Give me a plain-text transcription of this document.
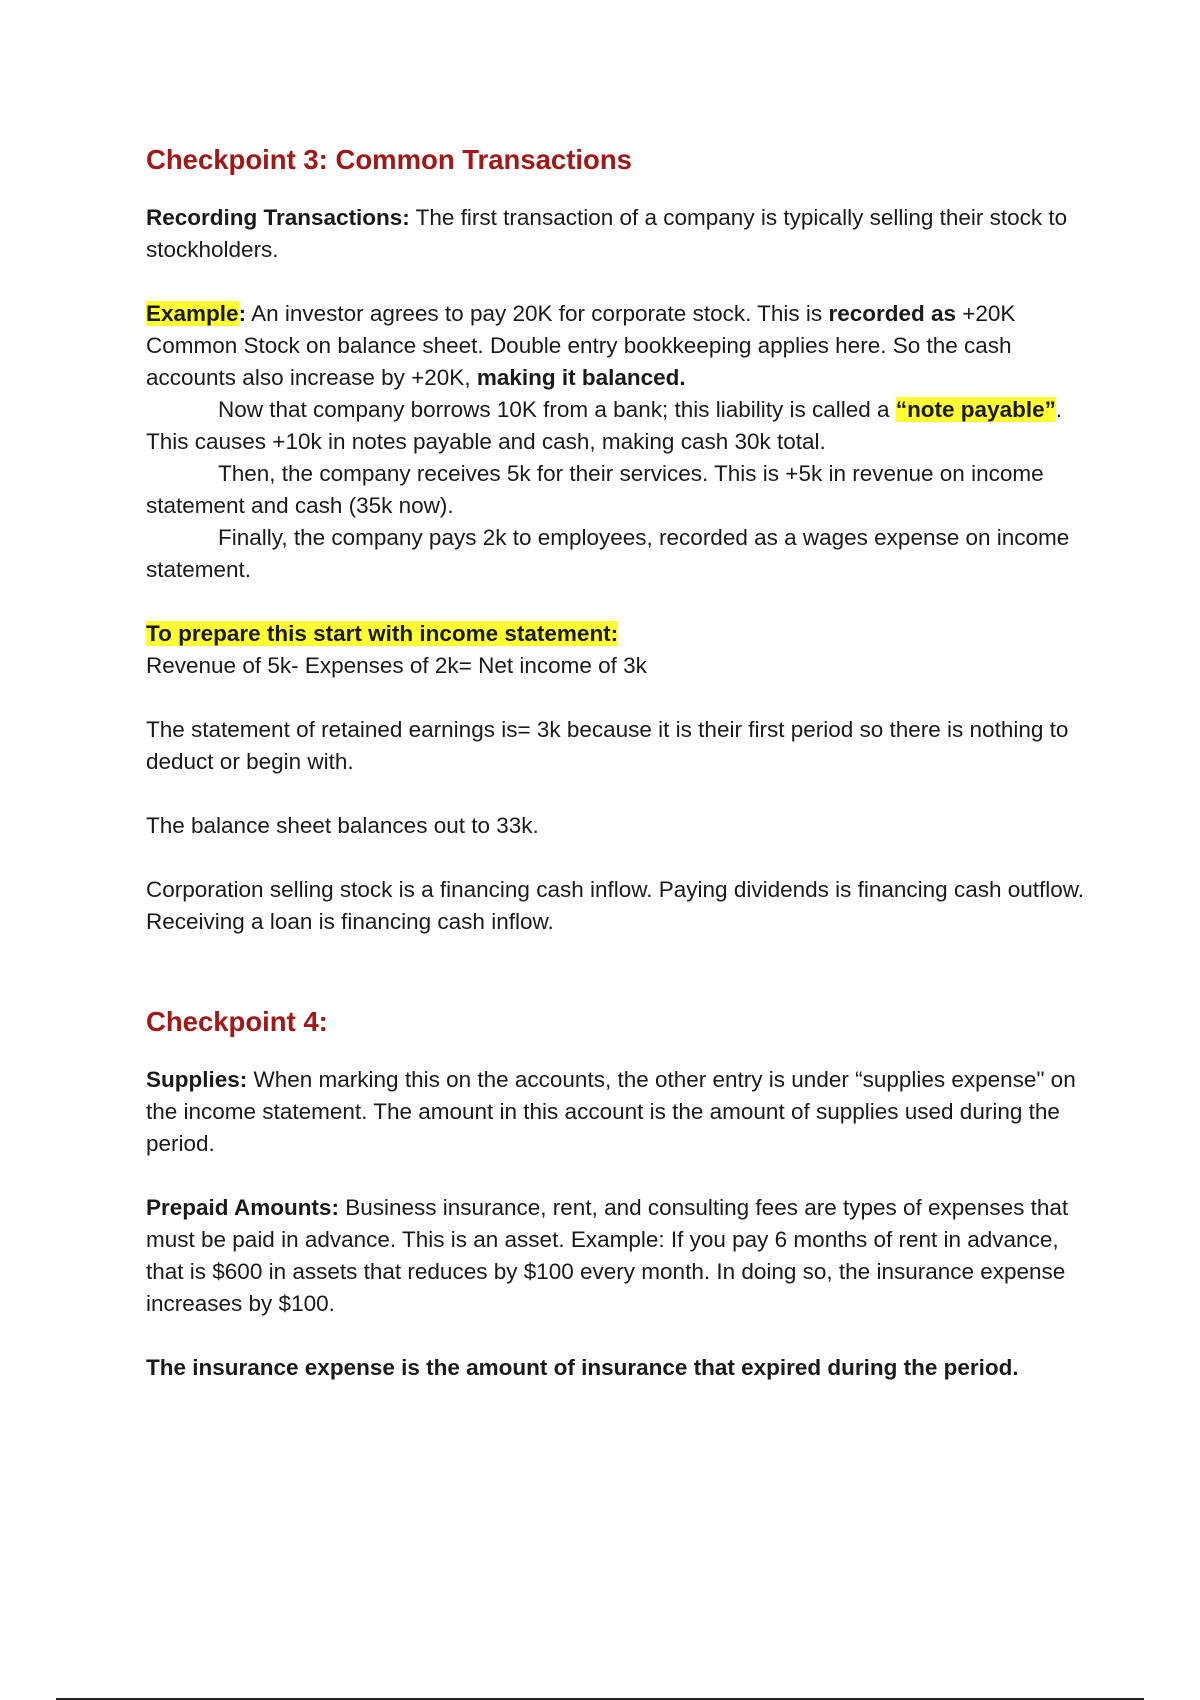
Checkpoint 3: Common Transactions

Recording Transactions: The first transaction of a company is typically selling their stock to stockholders.

Example: An investor agrees to pay 20K for corporate stock. This is recorded as +20K Common Stock on balance sheet. Double entry bookkeeping applies here. So the cash accounts also increase by +20K, making it balanced.

Now that company borrows 10K from a bank; this liability is called a “note payable”. This causes +10k in notes payable and cash, making cash 30k total.

Then, the company receives 5k for their services. This is +5k in revenue on income statement and cash (35k now).

Finally, the company pays 2k to employees, recorded as a wages expense on income statement.

To prepare this start with income statement:

Revenue of 5k- Expenses of 2k= Net income of 3k

The statement of retained earnings is= 3k because it is their first period so there is nothing to deduct or begin with.

The balance sheet balances out to 33k.

Corporation selling stock is a financing cash inflow. Paying dividends is financing cash outflow. Receiving a loan is financing cash inflow.

Checkpoint 4:

Supplies: When marking this on the accounts, the other entry is under “supplies expense" on the income statement. The amount in this account is the amount of supplies used during the period.

Prepaid Amounts: Business insurance, rent, and consulting fees are types of expenses that must be paid in advance. This is an asset. Example: If you pay 6 months of rent in advance, that is $600 in assets that reduces by $100 every month. In doing so, the insurance expense increases by $100.

The insurance expense is the amount of insurance that expired during the period.
